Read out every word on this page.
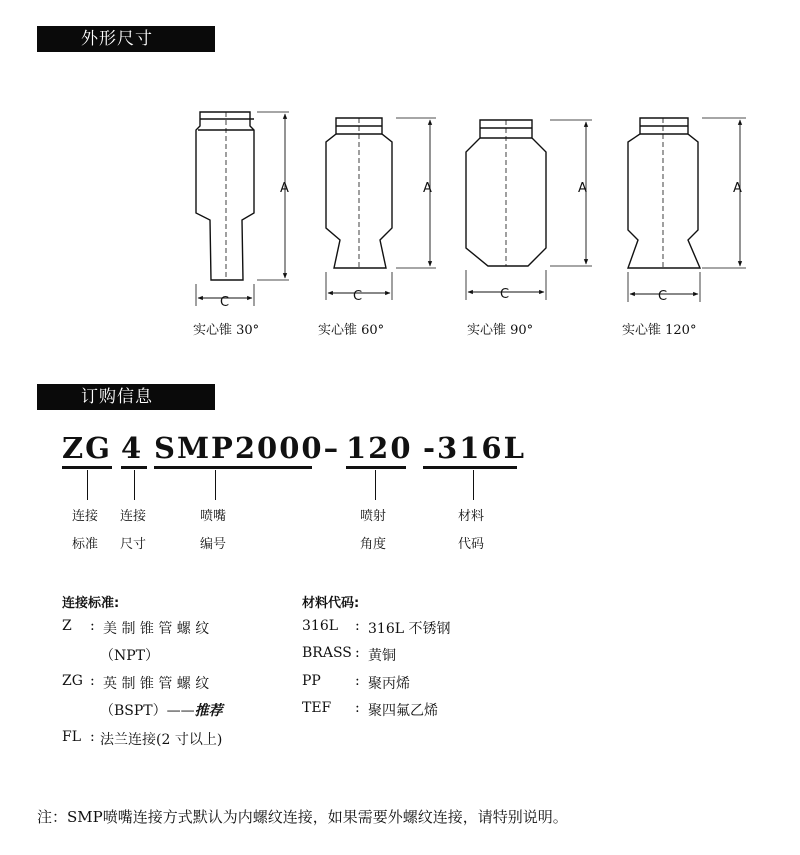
外形尺寸
A
C
A
C
A
C
A
C
实心锥 30°	实心锥 60°	实心锥 90°	实心锥 120°
订购信息
ZG 4 SMP2000– 120 -316L
连接
标准
连接
尺寸
喷嘴
编号
喷射
角度
材料
代码
连接标准:
Z : 美 制 锥 管 螺 纹
（NPT）
ZG : 英 制 锥 管 螺 纹
（BSPT）——推荐
FL : 法兰连接(2 寸以上)
材料代码:
316L : 316L 不锈钢
BRASS : 黄铜
PP : 聚丙烯
TEF : 聚四氟乙烯
注：SMP喷嘴连接方式默认为内螺纹连接，如果需要外螺纹连接，请特别说明。
